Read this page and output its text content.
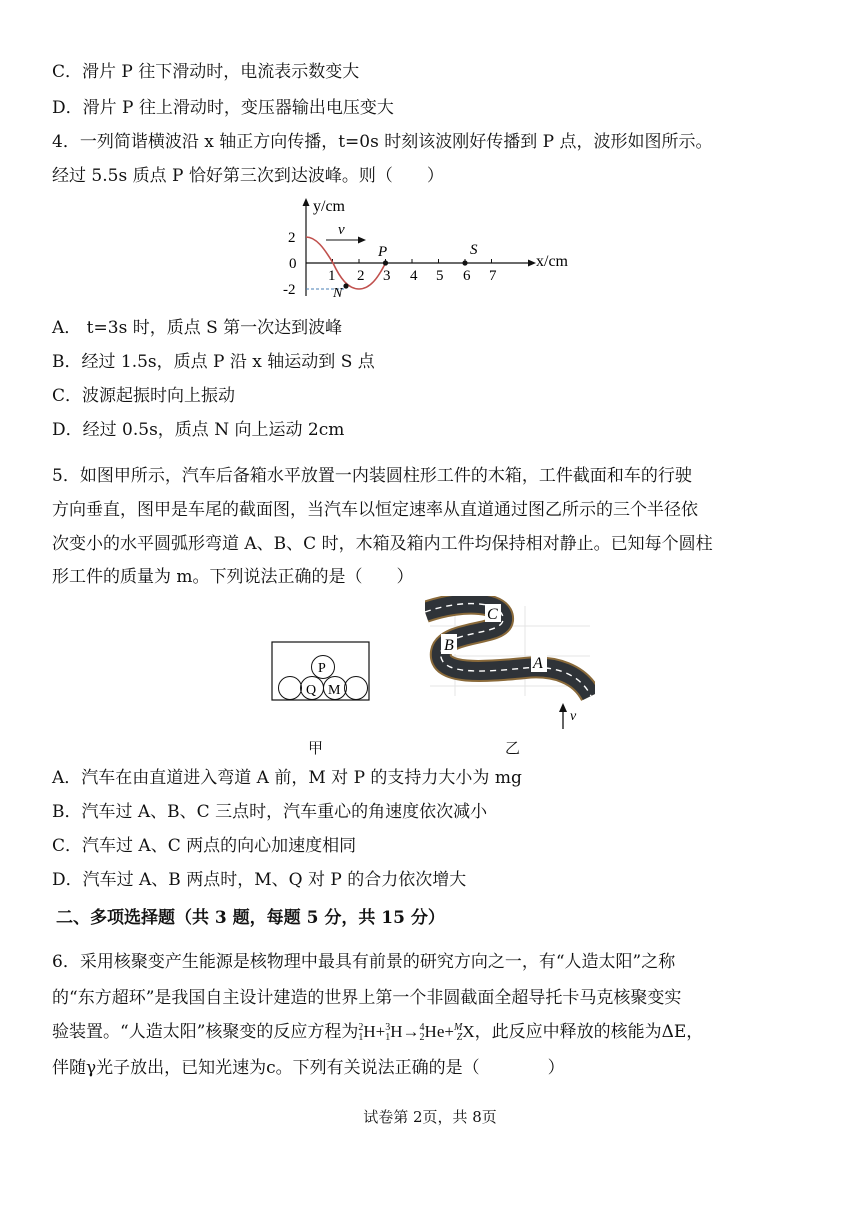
C．滑片 P 往下滑动时，电流表示数变大
D．滑片 P 往上滑动时，变压器输出电压变大
4．一列简谐横波沿 x 轴正方向传播，t=0s 时刻该波刚好传播到 P 点，波形如图所示。
经过 5.5s 质点 P 恰好第三次到达波峰。则（　　）
y/cm
x/cm
2
0
-2
1 2 3 4 5 6 7
v
P	S
N
A． t=3s 时，质点 S 第一次达到波峰
B．经过 1.5s，质点 P 沿 x 轴运动到 S 点
C．波源起振时向上振动
D．经过 0.5s，质点 N 向上运动 2cm
5．如图甲所示，汽车后备箱水平放置一内装圆柱形工件的木箱，工件截面和车的行驶
方向垂直，图甲是车尾的截面图，当汽车以恒定速率从直道通过图乙所示的三个半径依
次变小的水平圆弧形弯道 A、B、C 时，木箱及箱内工件均保持相对静止。已知每个圆柱
形工件的质量为 m。下列说法正确的是（　　）
P
Q M
C
B
A
v
甲	乙
A．汽车在由直道进入弯道 A 前，M 对 P 的支持力大小为 mg
B．汽车过 A、B、C 三点时，汽车重心的角速度依次减小
C．汽车过 A、C 两点的向心加速度相同
D．汽车过 A、B 两点时，M、Q 对 P 的合力依次增大
二、多项选择题（共 3 题，每题 5 分，共 15 分）
6．采用核聚变产生能源是核物理中最具有前景的研究方向之一，有“人造太阳”之称
的“东方超环”是我国自主设计建造的世界上第一个非圆截面全超导托卡马克核聚变实
验装置。“人造太阳”核聚变的反应方程为2
1H+3
1H→4
2He+M
ZX，此反应中释放的核能为ΔE，
伴随γ光子放出，已知光速为c。下列有关说法正确的是（　　　　）
试卷第 2页，共 8页
